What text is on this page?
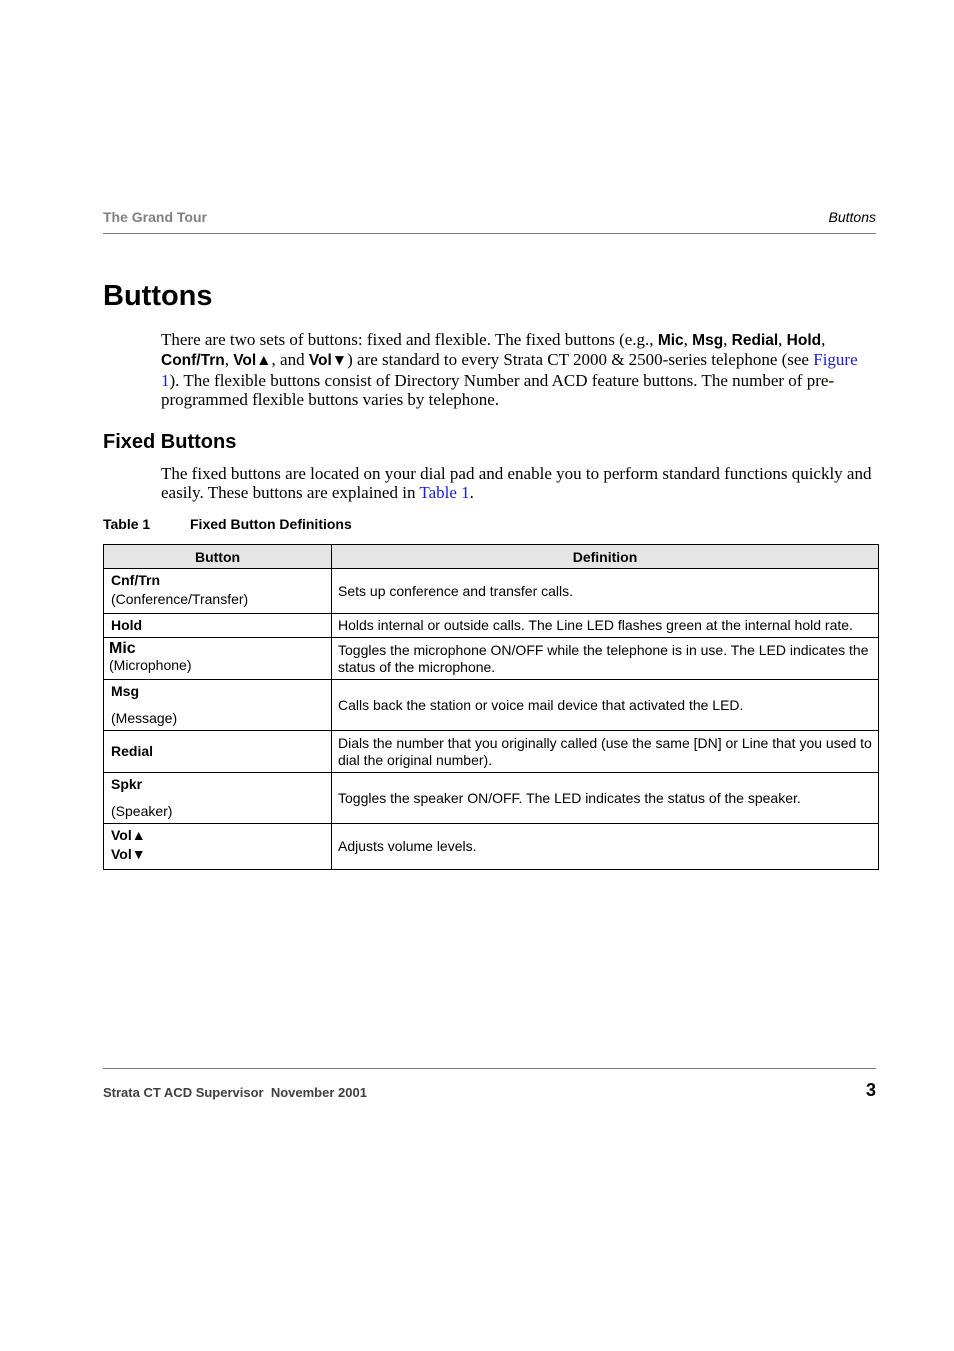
The Grand Tour	Buttons
Buttons

There are two sets of buttons: fixed and flexible. The fixed buttons (e.g., Mic, Msg, Redial, Hold, Conf/Trn, Vol▲, and Vol▼) are standard to every Strata CT 2000 & 2500-series telephone (see Figure 1). The flexible buttons consist of Directory Number and ACD feature buttons. The number of pre-programmed flexible buttons varies by telephone.

Fixed Buttons

The fixed buttons are located on your dial pad and enable you to perform standard functions quickly and easily. These buttons are explained in Table 1.

Table 1	Fixed Button Definitions
Button	Definition

Cnf/Trn
(Conference/Transfer)	Sets up conference and transfer calls.

Hold	Holds internal or outside calls. The Line LED flashes green at the internal hold rate.

Mic
(Microphone)	Toggles the microphone ON/OFF while the telephone is in use. The LED indicates the status of the microphone.

Msg
(Message)	Calls back the station or voice mail device that activated the LED.

Redial	Dials the number that you originally called (use the same [DN] or Line that you used to dial the original number).

Spkr
(Speaker)	Toggles the speaker ON/OFF. The LED indicates the status of the speaker.

Vol▲
Vol▼	Adjusts volume levels.
Strata CT ACD Supervisor  November 2001	3
